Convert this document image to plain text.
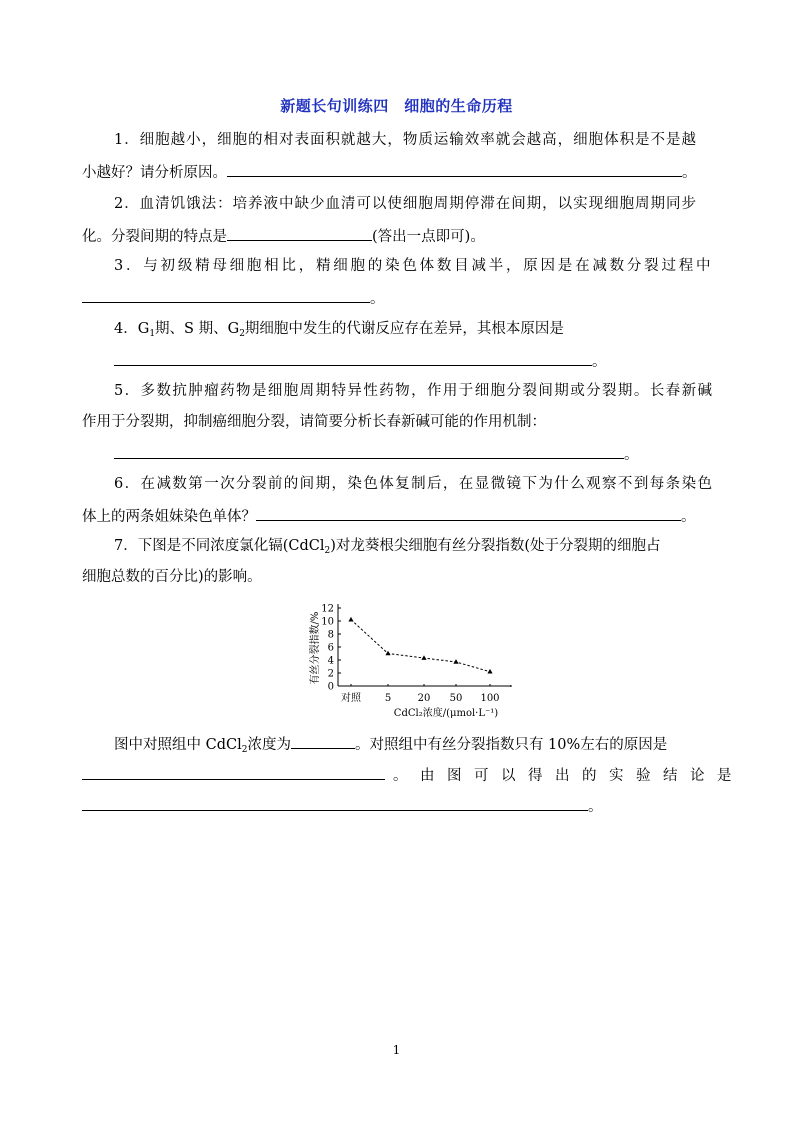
新题长句训练四　细胞的生命历程
1．细胞越小，细胞的相对表面积就越大，物质运输效率就会越高，细胞体积是不是越
小越好？请分析原因。	。
2．血清饥饿法：培养液中缺少血清可以使细胞周期停滞在间期，以实现细胞周期同步
化。分裂间期的特点是	(答出一点即可)。
3．与初级精母细胞相比，精细胞的染色体数目减半，原因是在减数分裂过程中
。
4．$G_1$期、S 期、$G_2$期细胞中发生的代谢反应存在差异，其根本原因是
。
5．多数抗肿瘤药物是细胞周期特异性药物，作用于细胞分裂间期或分裂期。长春新碱
作用于分裂期，抑制癌细胞分裂，请简要分析长春新碱可能的作用机制：
。
6．在减数第一次分裂前的间期，染色体复制后，在显微镜下为什么观察不到每条染色
体上的两条姐妹染色单体？	。
7．下图是不同浓度氯化镉(CdCl$_2$)对龙葵根尖细胞有丝分裂指数(处于分裂期的细胞占
细胞总数的百分比)的影响。
0
2
4
6
8
10
12
对照 5	20 50 100
有丝分裂指数/%
CdCl₂浓度/(μmol·L⁻¹)
图中对照组中 CdCl$_2$浓度为	。对照组中有丝分裂指数只有 10%左右的原因是
。由图可以得出的实验结论是
。
1
